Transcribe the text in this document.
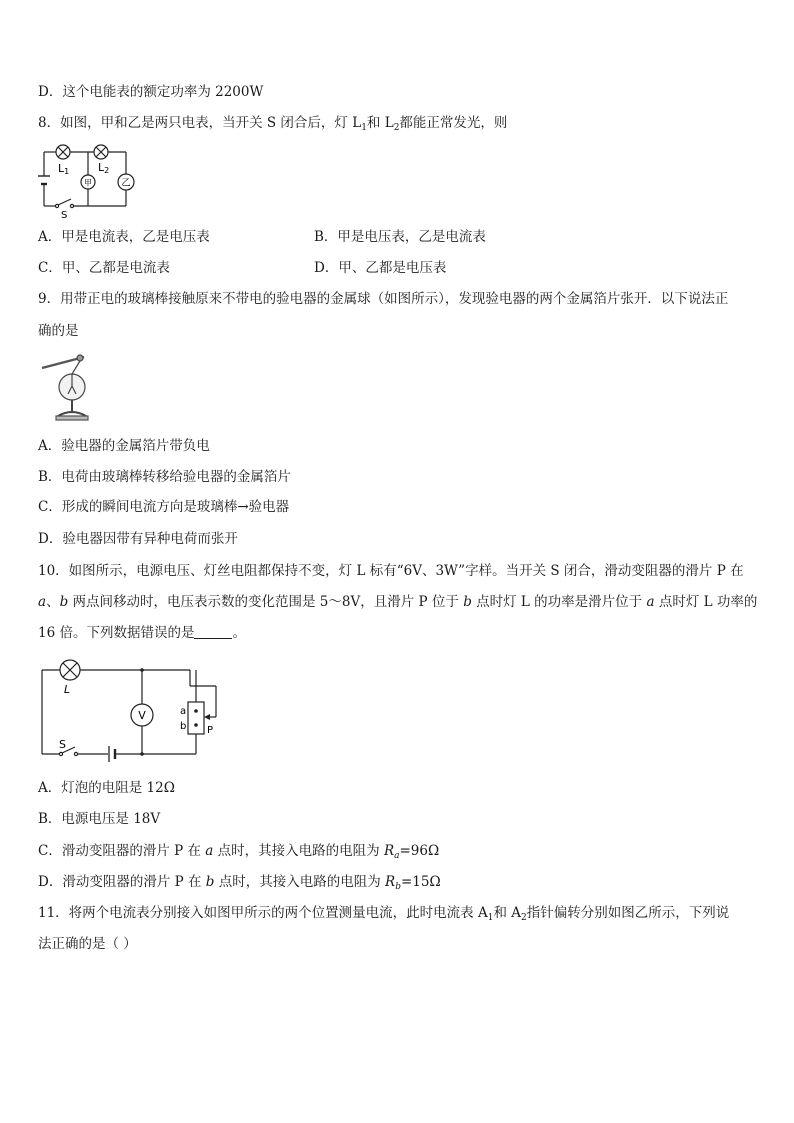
D．这个电能表的额定功率为 2200W
8．如图，甲和乙是两只电表，当开关 S 闭合后，灯 $L_1$和 $L_2$都能正常发光，则
L1	L2
甲	乙
S
A．甲是电流表，乙是电压表	B．甲是电压表，乙是电流表
C．甲、乙都是电流表	D．甲、乙都是电压表
9．用带正电的玻璃棒接触原来不带电的验电器的金属球（如图所示），发现验电器的两个金属箔片张开．以下说法正
确的是
A．验电器的金属箔片带负电
B．电荷由玻璃棒转移给验电器的金属箔片
C．形成的瞬间电流方向是玻璃棒→验电器
D．验电器因带有异种电荷而张开
10．如图所示，电源电压、灯丝电阻都保持不变，灯 L 标有“6V、3W”字样。当开关 S 闭合，滑动变阻器的滑片 P 在
a、b 两点间移动时，电压表示数的变化范围是 5～8V，且滑片 P 位于 b 点时灯 L 的功率是滑片位于 a 点时灯 L 功率的
16 倍。下列数据错误的是	。
L
V	a
b P
S
A．灯泡的电阻是 12Ω
B．电源电压是 18V
C．滑动变阻器的滑片 P 在 a 点时，其接入电路的电阻为 $R_a=96\Omega$
D．滑动变阻器的滑片 P 在 b 点时，其接入电路的电阻为 $R_b=15\Omega$
11．将两个电流表分别接入如图甲所示的两个位置测量电流，此时电流表 $A_1$和 $A_2$指针偏转分别如图乙所示，下列说
法正确的是（ ）
